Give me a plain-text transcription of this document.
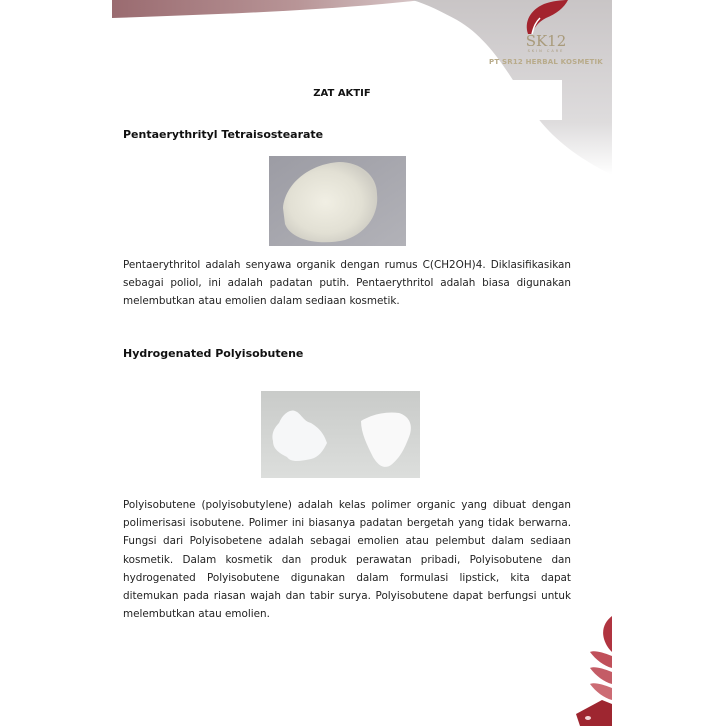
SK12
SKIN CARE
PT SR12 HERBAL KOSMETIK
ZAT AKTIF
Pentaerythrityl Tetraisostearate
Pentaerythritol adalah senyawa organik dengan rumus C(CH2OH)4. Diklasifikasikan sebagai poliol, ini adalah padatan putih. Pentaerythritol adalah biasa digunakan melembutkan atau emolien dalam sediaan kosmetik.
Hydrogenated Polyisobutene
Polyisobutene (polyisobutylene) adalah kelas polimer organic yang dibuat dengan polimerisasi isobutene. Polimer ini biasanya padatan bergetah yang tidak berwarna. Fungsi dari Polyisobetene adalah sebagai emolien atau pelembut dalam sediaan kosmetik. Dalam kosmetik dan produk perawatan pribadi, Polyisobutene dan hydrogenated Polyisobutene digunakan dalam formulasi lipstick, kita dapat ditemukan pada riasan wajah dan tabir surya. Polyisobutene dapat berfungsi untuk melembutkan atau emolien.
